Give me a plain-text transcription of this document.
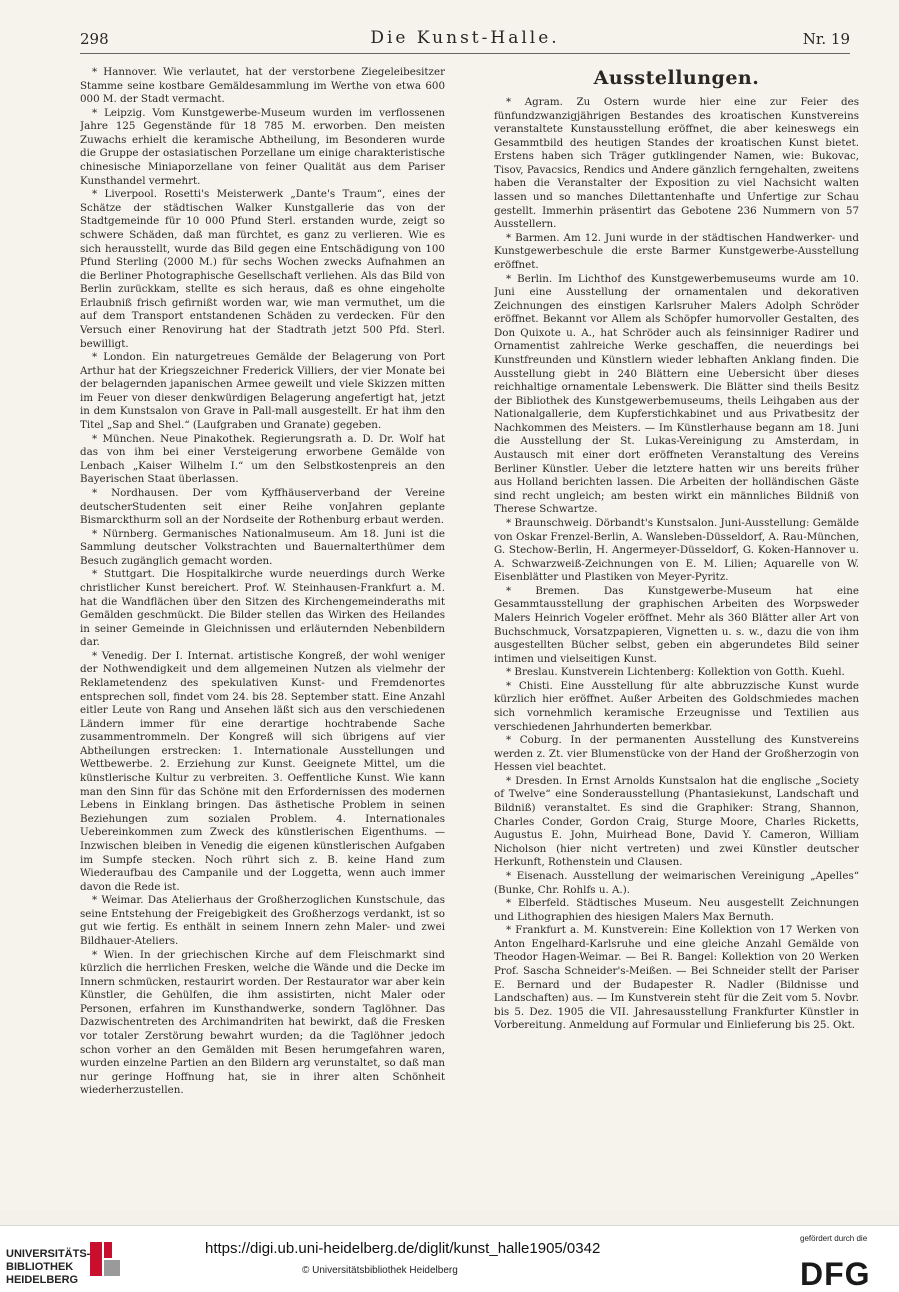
298	Die Kunst-Halle.	Nr. 19

* Hannover. Wie verlautet, hat der verstorbene Ziegeleibesitzer Stamme seine kostbare Gemäldesammlung im Werthe von etwa 600 000 M. der Stadt vermacht.

* Leipzig. Vom Kunstgewerbe-Museum wurden im verflossenen Jahre 125 Gegenstände für 18 785 M. erworben. Den meisten Zuwachs erhielt die keramische Abtheilung, im Besonderen wurde die Gruppe der ostasiatischen Porzellane um einige charakteristische chinesische Miniaporzellane von feiner Qualität aus dem Pariser Kunsthandel vermehrt.

* Liverpool. Rosetti's Meisterwerk „Dante's Traum“, eines der Schätze der städtischen Walker Kunstgallerie das von der Stadtgemeinde für 10 000 Pfund Sterl. erstanden wurde, zeigt so schwere Schäden, daß man fürchtet, es ganz zu verlieren. Wie es sich herausstellt, wurde das Bild gegen eine Entschädigung von 100 Pfund Sterling (2000 M.) für sechs Wochen zwecks Aufnahmen an die Berliner Photographische Gesellschaft verliehen. Als das Bild von Berlin zurückkam, stellte es sich heraus, daß es ohne eingeholte Erlaubniß frisch gefirnißt worden war, wie man vermuthet, um die auf dem Transport entstandenen Schäden zu verdecken. Für den Versuch einer Renovirung hat der Stadtrath jetzt 500 Pfd. Sterl. bewilligt.

* London. Ein naturgetreues Gemälde der Belagerung von Port Arthur hat der Kriegszeichner Frederick Villiers, der vier Monate bei der belagernden japanischen Armee geweilt und viele Skizzen mitten im Feuer von dieser denkwürdigen Belagerung angefertigt hat, jetzt in dem Kunstsalon von Grave in Pall-mall ausgestellt. Er hat ihm den Titel „Sap and Shel.“ (Laufgraben und Granate) gegeben.

* München. Neue Pinakothek. Regierungsrath a. D. Dr. Wolf hat das von ihm bei einer Versteigerung erworbene Gemälde von Lenbach „Kaiser Wilhelm I.“ um den Selbstkostenpreis an den Bayerischen Staat überlassen.

* Nordhausen. Der vom Kyffhäuserverband der Vereine deutscherStudenten seit einer Reihe vonJahren geplante Bismarckthurm soll an der Nordseite der Rothenburg erbaut werden.

* Nürnberg. Germanisches Nationalmuseum. Am 18. Juni ist die Sammlung deutscher Volkstrachten und Bauernalterthümer dem Besuch zugänglich gemacht worden.

* Stuttgart. Die Hospitalkirche wurde neuerdings durch Werke christlicher Kunst bereichert. Prof. W. Steinhausen-Frankfurt a. M. hat die Wandflächen über den Sitzen des Kirchengemeinderaths mit Gemälden geschmückt. Die Bilder stellen das Wirken des Heilandes in seiner Gemeinde in Gleichnissen und erläuternden Nebenbildern dar.

* Venedig. Der I. Internat. artistische Kongreß, der wohl weniger der Nothwendigkeit und dem allgemeinen Nutzen als vielmehr der Reklametendenz des spekulativen Kunst- und Fremdenortes entsprechen soll, findet vom 24. bis 28. September statt. Eine Anzahl eitler Leute von Rang und Ansehen läßt sich aus den verschiedenen Ländern immer für eine derartige hochtrabende Sache zusammentrommeln. Der Kongreß will sich übrigens auf vier Abtheilungen erstrecken: 1. Internationale Ausstellungen und Wettbewerbe. 2. Erziehung zur Kunst. Geeignete Mittel, um die künstlerische Kultur zu verbreiten. 3. Oeffentliche Kunst. Wie kann man den Sinn für das Schöne mit den Erfordernissen des modernen Lebens in Einklang bringen. Das ästhetische Problem in seinen Beziehungen zum sozialen Problem. 4. Internationales Uebereinkommen zum Zweck des künstlerischen Eigenthums. — Inzwischen bleiben in Venedig die eigenen künstlerischen Aufgaben im Sumpfe stecken. Noch rührt sich z. B. keine Hand zum Wiederaufbau des Campanile und der Loggetta, wenn auch immer davon die Rede ist.

* Weimar. Das Atelierhaus der Großherzoglichen Kunstschule, das seine Entstehung der Freigebigkeit des Großherzogs verdankt, ist so gut wie fertig. Es enthält in seinem Innern zehn Maler- und zwei Bildhauer-Ateliers.

* Wien. In der griechischen Kirche auf dem Fleischmarkt sind kürzlich die herrlichen Fresken, welche die Wände und die Decke im Innern schmücken, restaurirt worden. Der Restaurator war aber kein Künstler, die Gehülfen, die ihm assistirten, nicht Maler oder Personen, erfahren im Kunsthandwerke, sondern Taglöhner. Das Dazwischentreten des Archimandriten hat bewirkt, daß die Fresken vor totaler Zerstörung bewahrt wurden; da die Taglöhner jedoch schon vorher an den Gemälden mit Besen herumgefahren waren, wurden einzelne Partien an den Bildern arg verunstaltet, so daß man nur geringe Hoffnung hat, sie in ihrer alten Schönheit wiederherzustellen.

Ausstellungen.

* Agram. Zu Ostern wurde hier eine zur Feier des fünfundzwanzigjährigen Bestandes des kroatischen Kunstvereins veranstaltete Kunstausstellung eröffnet, die aber keineswegs ein Gesammtbild des heutigen Standes der kroatischen Kunst bietet. Erstens haben sich Träger gutklingender Namen, wie: Bukovac, Tisov, Pavacsics, Rendics und Andere gänzlich ferngehalten, zweitens haben die Veranstalter der Exposition zu viel Nachsicht walten lassen und so manches Dilettantenhafte und Unfertige zur Schau gestellt. Immerhin präsentirt das Gebotene 236 Nummern von 57 Ausstellern.

* Barmen. Am 12. Juni wurde in der städtischen Handwerker- und Kunstgewerbeschule die erste Barmer Kunstgewerbe-Ausstellung eröffnet.

* Berlin. Im Lichthof des Kunstgewerbemuseums wurde am 10. Juni eine Ausstellung der ornamentalen und dekorativen Zeichnungen des einstigen Karlsruher Malers Adolph Schröder eröffnet. Bekannt vor Allem als Schöpfer humorvoller Gestalten, des Don Quixote u. A., hat Schröder auch als feinsinniger Radirer und Ornamentist zahlreiche Werke geschaffen, die neuerdings bei Kunstfreunden und Künstlern wieder lebhaften Anklang finden. Die Ausstellung giebt in 240 Blättern eine Uebersicht über dieses reichhaltige ornamentale Lebenswerk. Die Blätter sind theils Besitz der Bibliothek des Kunstgewerbemuseums, theils Leihgaben aus der Nationalgallerie, dem Kupferstichkabinet und aus Privatbesitz der Nachkommen des Meisters. — Im Künstlerhause begann am 18. Juni die Ausstellung der St. Lukas-Vereinigung zu Amsterdam, in Austausch mit einer dort eröffneten Veranstaltung des Vereins Berliner Künstler. Ueber die letztere hatten wir uns bereits früher aus Holland berichten lassen. Die Arbeiten der holländischen Gäste sind recht ungleich; am besten wirkt ein männliches Bildniß von Therese Schwartze.

* Braunschweig. Dörbandt's Kunstsalon. Juni-Ausstellung: Gemälde von Oskar Frenzel-Berlin, A. Wansleben-Düsseldorf, A. Rau-München, G. Stechow-Berlin, H. Angermeyer-Düsseldorf, G. Koken-Hannover u. A. Schwarzweiß-Zeichnungen von E. M. Lilien; Aquarelle von W. Eisenblätter und Plastiken von Meyer-Pyritz.

* Bremen. Das Kunstgewerbe-Museum hat eine Gesammtausstellung der graphischen Arbeiten des Worpsweder Malers Heinrich Vogeler eröffnet. Mehr als 360 Blätter aller Art von Buchschmuck, Vorsatzpapieren, Vignetten u. s. w., dazu die von ihm ausgestellten Bücher selbst, geben ein abgerundetes Bild seiner intimen und vielseitigen Kunst.

* Breslau. Kunstverein Lichtenberg: Kollektion von Gotth. Kuehl.

* Chisti. Eine Ausstellung für alte abbruzzische Kunst wurde kürzlich hier eröffnet. Außer Arbeiten des Goldschmiedes machen sich vornehmlich keramische Erzeugnisse und Textilien aus verschiedenen Jahrhunderten bemerkbar.

* Coburg. In der permanenten Ausstellung des Kunstvereins werden z. Zt. vier Blumenstücke von der Hand der Großherzogin von Hessen viel beachtet.

* Dresden. In Ernst Arnolds Kunstsalon hat die englische „Society of Twelve“ eine Sonderausstellung (Phantasiekunst, Landschaft und Bildniß) veranstaltet. Es sind die Graphiker: Strang, Shannon, Charles Conder, Gordon Craig, Sturge Moore, Charles Ricketts, Augustus E. John, Muirhead Bone, David Y. Cameron, William Nicholson (hier nicht vertreten) und zwei Künstler deutscher Herkunft, Rothenstein und Clausen.

* Eisenach. Ausstellung der weimarischen Vereinigung „Apelles“ (Bunke, Chr. Rohlfs u. A.).

* Elberfeld. Städtisches Museum. Neu ausgestellt Zeichnungen und Lithographien des hiesigen Malers Max Bernuth.

* Frankfurt a. M. Kunstverein: Eine Kollektion von 17 Werken von Anton Engelhard-Karlsruhe und eine gleiche Anzahl Gemälde von Theodor Hagen-Weimar. — Bei R. Bangel: Kollektion von 20 Werken Prof. Sascha Schneider's-Meißen. — Bei Schneider stellt der Pariser E. Bernard und der Budapester R. Nadler (Bildnisse und Landschaften) aus. — Im Kunstverein steht für die Zeit vom 5. Novbr. bis 5. Dez. 1905 die VII. Jahresausstellung Frankfurter Künstler in Vorbereitung. Anmeldung auf Formular und Einlieferung bis 25. Okt.

UNIVERSITÄTS-
BIBLIOTHEK
HEIDELBERG
https://digi.ub.uni-heidelberg.de/diglit/kunst_halle1905/0342
© Universitätsbibliothek Heidelberg
gefördert durch die
DFG
